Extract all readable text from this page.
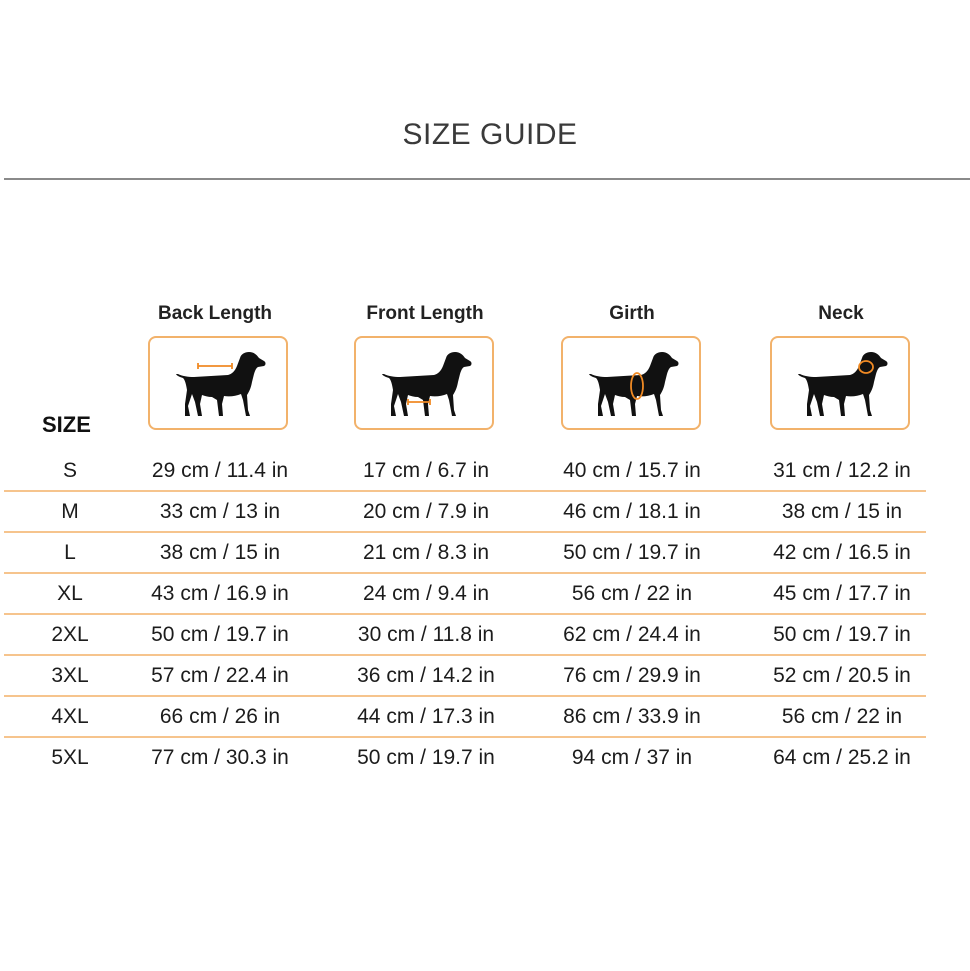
SIZE GUIDE
Back Length	Front Length	Girth	Neck
SIZE
S	29 cm / 11.4 in	17 cm / 6.7 in	40 cm / 15.7 in	31 cm / 12.2 in
M	33 cm / 13 in	20 cm / 7.9 in	46 cm / 18.1 in	38 cm / 15 in
L	38 cm / 15 in	21 cm / 8.3 in	50 cm / 19.7 in	42 cm / 16.5 in
XL	43 cm / 16.9 in	24 cm / 9.4 in	56 cm / 22 in	45 cm / 17.7 in
2XL	50 cm / 19.7 in	30 cm / 11.8 in	62 cm / 24.4 in	50 cm / 19.7 in
3XL	57 cm / 22.4 in	36 cm / 14.2 in	76 cm / 29.9 in	52 cm / 20.5 in
4XL	66 cm / 26 in	44 cm / 17.3 in	86 cm / 33.9 in	56 cm / 22 in
5XL	77 cm / 30.3 in	50 cm / 19.7 in	94 cm / 37 in	64 cm / 25.2 in
